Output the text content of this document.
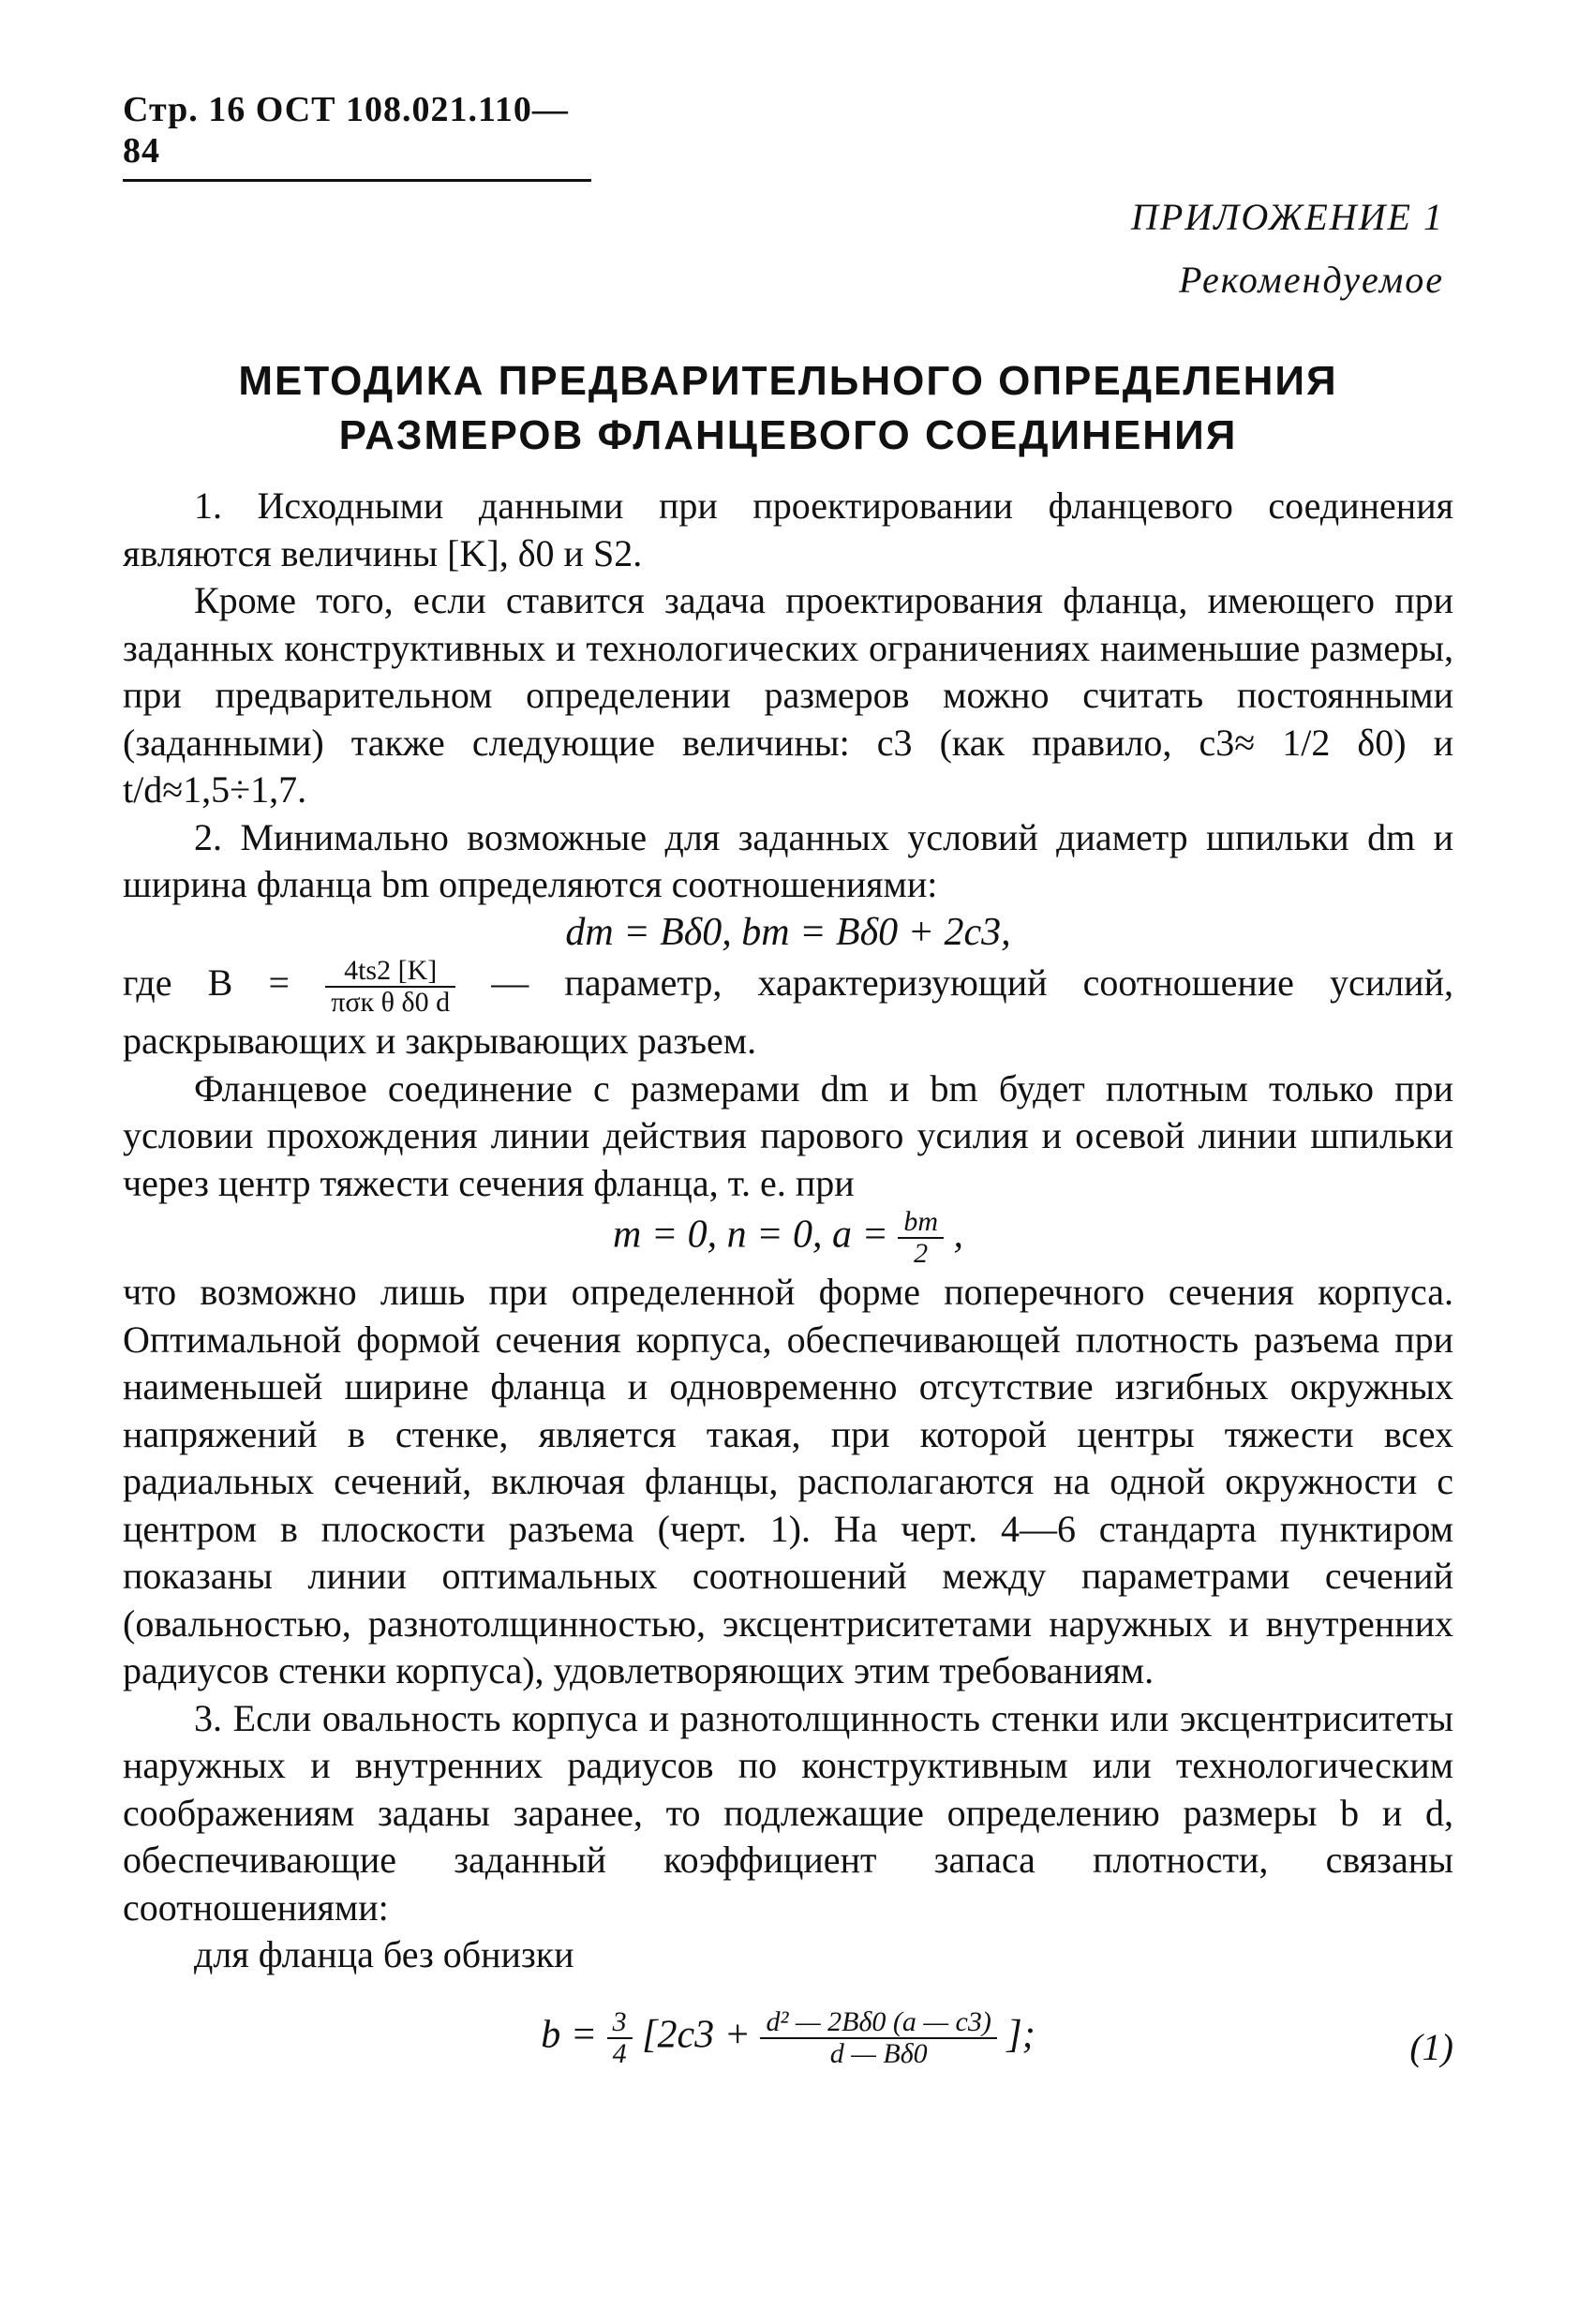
Стр. 16 ОСТ 108.021.110—84
ПРИЛОЖЕНИЕ 1
Рекомендуемое
МЕТОДИКА ПРЕДВАРИТЕЛЬНОГО ОПРЕДЕЛЕНИЯ
РАЗМЕРОВ ФЛАНЦЕВОГО СОЕДИНЕНИЯ

1. Исходными данными при проектировании фланцевого соединения являются величины [K], δ0 и S2.

Кроме того, если ставится задача проектирования фланца, имеющего при заданных конструктивных и технологических ограничениях наименьшие размеры, при предварительном определении размеров можно считать постоянными (заданными) также следующие величины: c3 (как правило, c3≈ 1/2 δ0) и t/d≈1,5÷1,7.

2. Минимально возможные для заданных условий диаметр шпильки dm и ширина фланца bm определяются соотношениями:

dm = Bδ0, bm = Bδ0 + 2c3,

где $B = \frac{4ts2 [K]}{\text{πσк θ δ0 d}}$ — параметр, характеризующий соотношение усилий, раскрывающих и закрывающих разъем.

Фланцевое соединение с размерами dm и bm будет плотным только при условии прохождения линии действия парового усилия и осевой линии шпильки через центр тяжести сечения фланца, т. е. при

m = 0, n = 0, $a = \frac{bm}{2}$ ,

что возможно лишь при определенной форме поперечного сечения корпуса. Оптимальной формой сечения корпуса, обеспечивающей плотность разъема при наименьшей ширине фланца и одновременно отсутствие изгибных окружных напряжений в стенке, является такая, при которой центры тяжести всех радиальных сечений, включая фланцы, располагаются на одной окружности с центром в плоскости разъема (черт. 1). На черт. 4—6 стандарта пунктиром показаны линии оптимальных соотношений между параметрами сечений (овальностью, разнотолщинностью, эксцентриситетами наружных и внутренних радиусов стенки корпуса), удовлетворяющих этим требованиям.

3. Если овальность корпуса и разнотолщинность стенки или эксцентриситеты наружных и внутренних радиусов по конструктивным или технологическим соображениям заданы заранее, то подлежащие определению размеры b и d, обеспечивающие заданный коэффициент запаса плотности, связаны соотношениями:

для фланца без обнизки

$b = \frac{3}{4} [2c3 + \frac{\text{d² — 2Bδ0 (a — c3)}}{d — B\delta 0}$ ];	(1)
